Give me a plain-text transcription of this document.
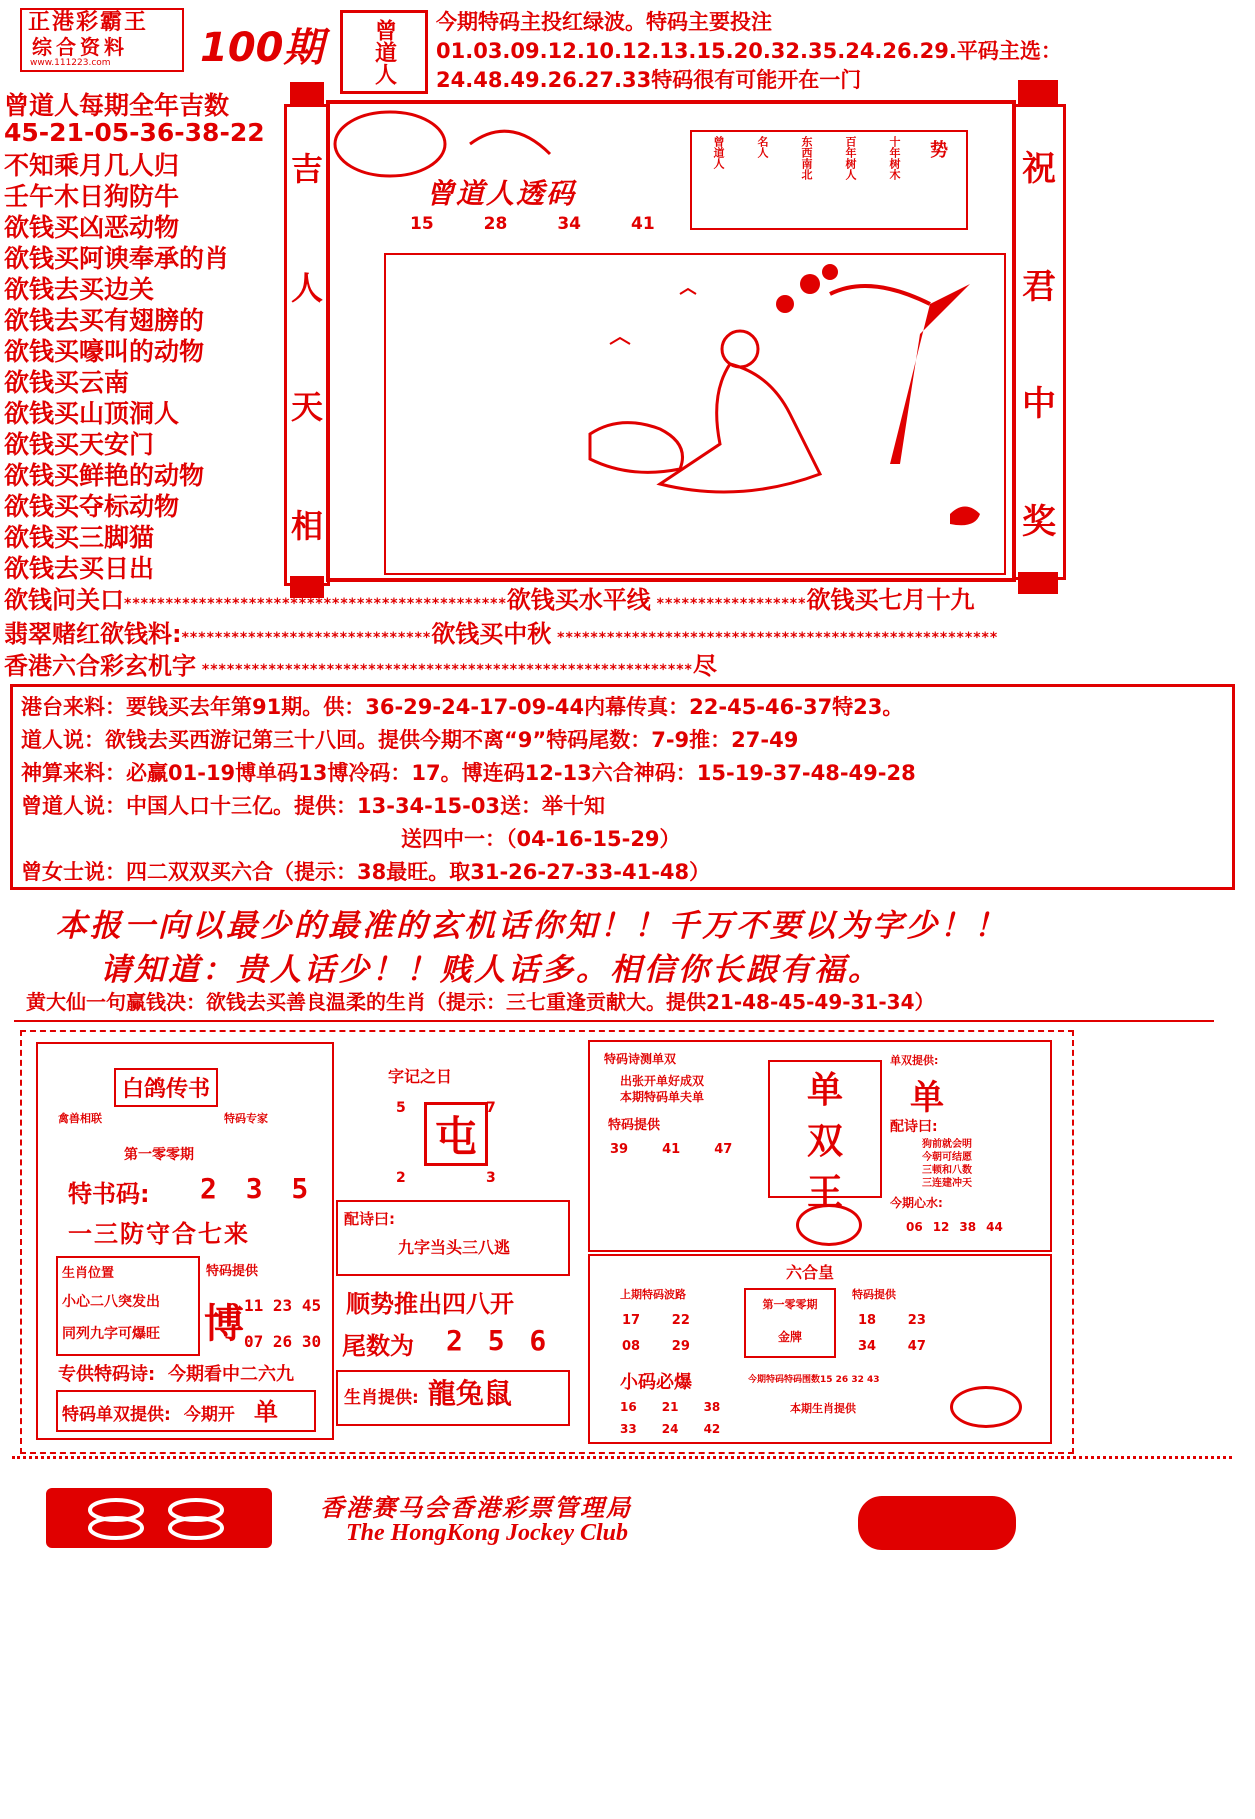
正港彩霸王
综合资料
www.111223.com	100期 曾道人 今期特码主投红绿波。特码主要投注01.03.09.12.10.12.13.15.20.32.35.24.26.29.平码主选：24.48.49.26.27.33特码很有可能开在一门
曾道人每期全年吉数
45-21-05-36-38-22
不知乘月几人归
壬午木日狗防牛
欲钱买凶恶动物
欲钱买阿谀奉承的肖
欲钱去买边关
欲钱去买有翅膀的
欲钱买嚎叫的动物
欲钱买云南
欲钱买山顶洞人
欲钱买天安门
欲钱买鲜艳的动物
欲钱买夺标动物
欲钱买三脚猫
欲钱去买日出
吉
人
天
相
曾道人透码
15	28	34	41
势
十年树木
百年树人
东西南北
名人
曾道人	祝
君
中
奖
欲钱问关口**********************************************欲钱买水平线 ******************欲钱买七月十九
翡翠赌红欲钱料:******************************欲钱买中秋 *****************************************************
香港六合彩玄机字 ***********************************************************尽
港台来料：要钱买去年第91期。供：36-29-24-17-09-44内幕传真：22-45-46-37特23。
道人说：欲钱去买西游记第三十八回。提供今期不离“9”特码尾数：7-9推：27-49
神算来料：必赢01-19博单码13博冷码：17。博连码12-13六合神码：15-19-37-48-49-28
曾道人说：中国人口十三亿。提供：13-34-15-03送：举十知
送四中一：（04-16-15-29）
曾女士说：四二双双买六合（提示：38最旺。取31-26-27-33-41-48）
本报一向以最少的最准的玄机话你知！！千万不要以为字少！！
请知道：贵人话少！！贱人话多。相信你长跟有福。
黄大仙一句赢钱决：欲钱去买善良温柔的生肖（提示：三七重逢贡献大。提供21-48-45-49-31-34）
白鸽传书
禽兽相联	特码专家
第一零零期
特书码: 2 3 5
一三防守合七来
生肖位置
小心二八突发出
同列九字可爆旺
特码提供
博 11 23 45
07 26 30
专供特码诗: 今期看中二六九
特码单双提供: 今期开 单
字记之日
5	7
屯
2	3
配诗曰:
九字当头三八逃
顺势推出四八开
尾数为 2 5 6
生肖提供: 龍兔鼠
特码诗测单双
出张开单好成双
本期特码单夫单
特码提供
39	41	47
单
双
王
单双提供:
单
配诗曰:
狗前就会明
今朝可结愿
三顿和八数
三连建冲天
今期心水:
06 12 38 44
六合皇
上期特码波路
17 22
08 29
第一零零期
金牌
特码提供
18 23
34 47
小码必爆	今期特码特码围数15 26 32 43
16 21 38
33 24 42
本期生肖提供
香港赛马会香港彩票管理局
The HongKong Jockey Club
